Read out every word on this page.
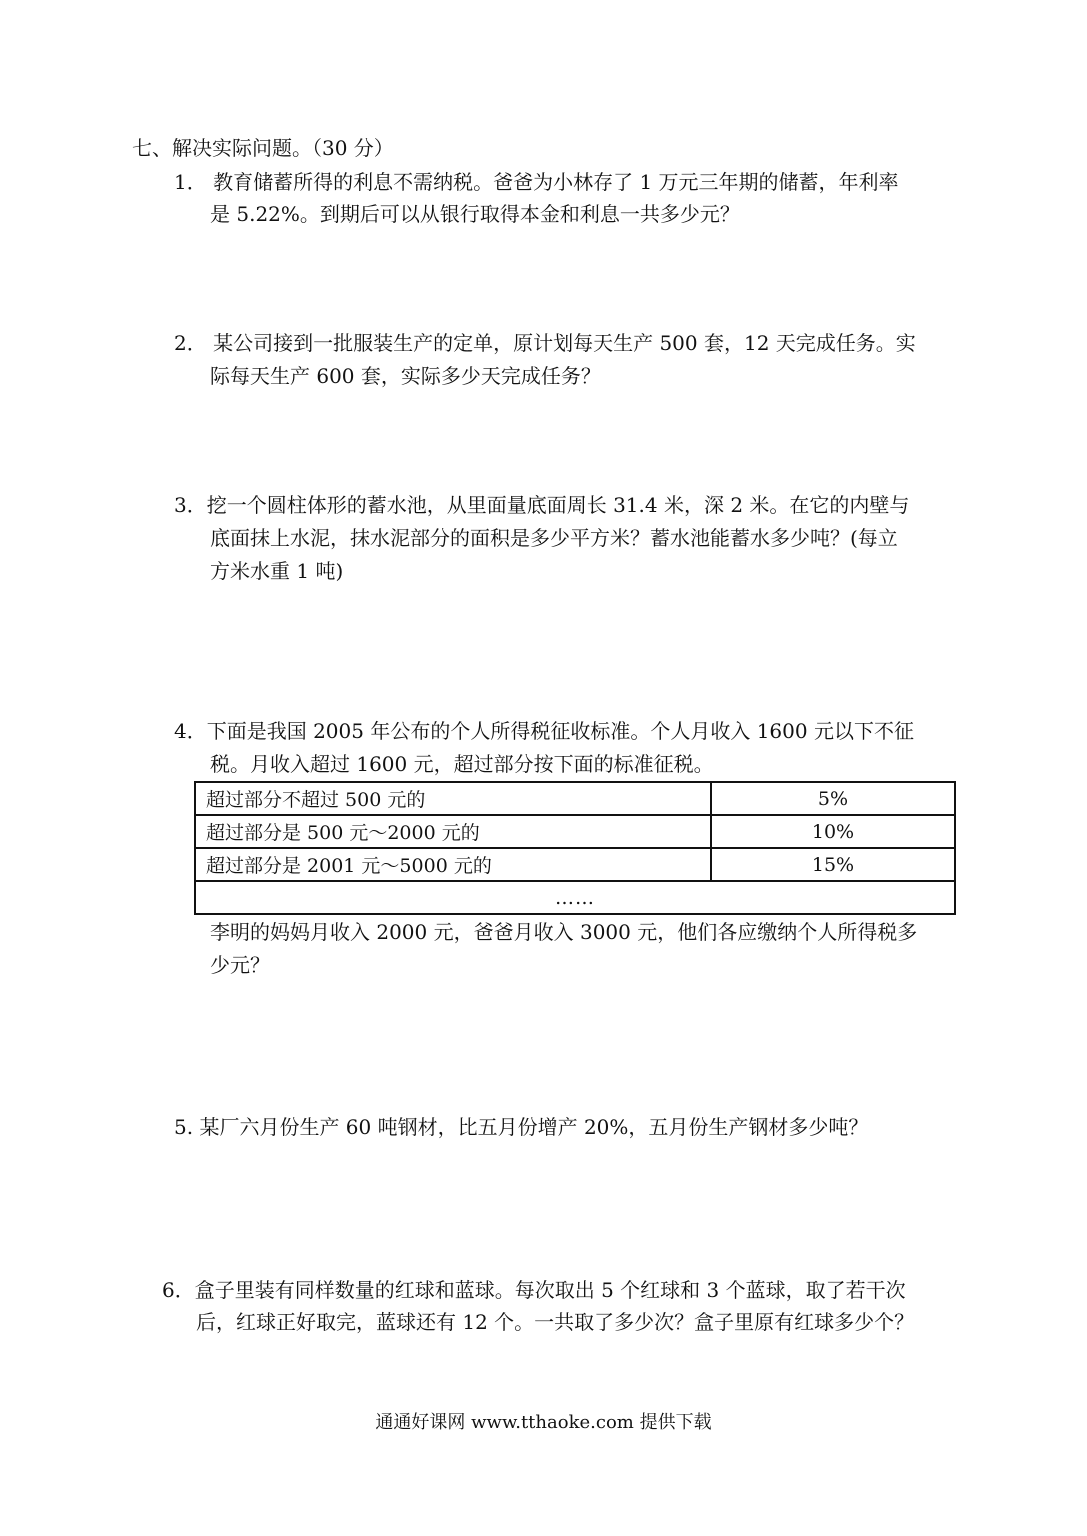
七、解决实际问题。（30 分）
1． 教育储蓄所得的利息不需纳税。爸爸为小林存了 1 万元三年期的储蓄，年利率
是 5.22%。到期后可以从银行取得本金和利息一共多少元？
2． 某公司接到一批服装生产的定单，原计划每天生产 500 套，12 天完成任务。实
际每天生产 600 套，实际多少天完成任务？
3．挖一个圆柱体形的蓄水池，从里面量底面周长 31.4 米，深 2 米。在它的内壁与
底面抹上水泥，抹水泥部分的面积是多少平方米？蓄水池能蓄水多少吨？(每立
方米水重 1 吨)
4．下面是我国 2005 年公布的个人所得税征收标准。个人月收入 1600 元以下不征
税。月收入超过 1600 元，超过部分按下面的标准征税。
超过部分不超过 500 元的	5%
超过部分是 500 元～2000 元的	10%
超过部分是 2001 元～5000 元的	15%
……	
李明的妈妈月收入 2000 元，爸爸月收入 3000 元，他们各应缴纳个人所得税多
少元？
5. 某厂六月份生产 60 吨钢材，比五月份增产 20%，五月份生产钢材多少吨？
6．盒子里装有同样数量的红球和蓝球。每次取出 5 个红球和 3 个蓝球，取了若干次
后，红球正好取完，蓝球还有 12 个。一共取了多少次？盒子里原有红球多少个？
通通好课网 www.tthaoke.com 提供下载
